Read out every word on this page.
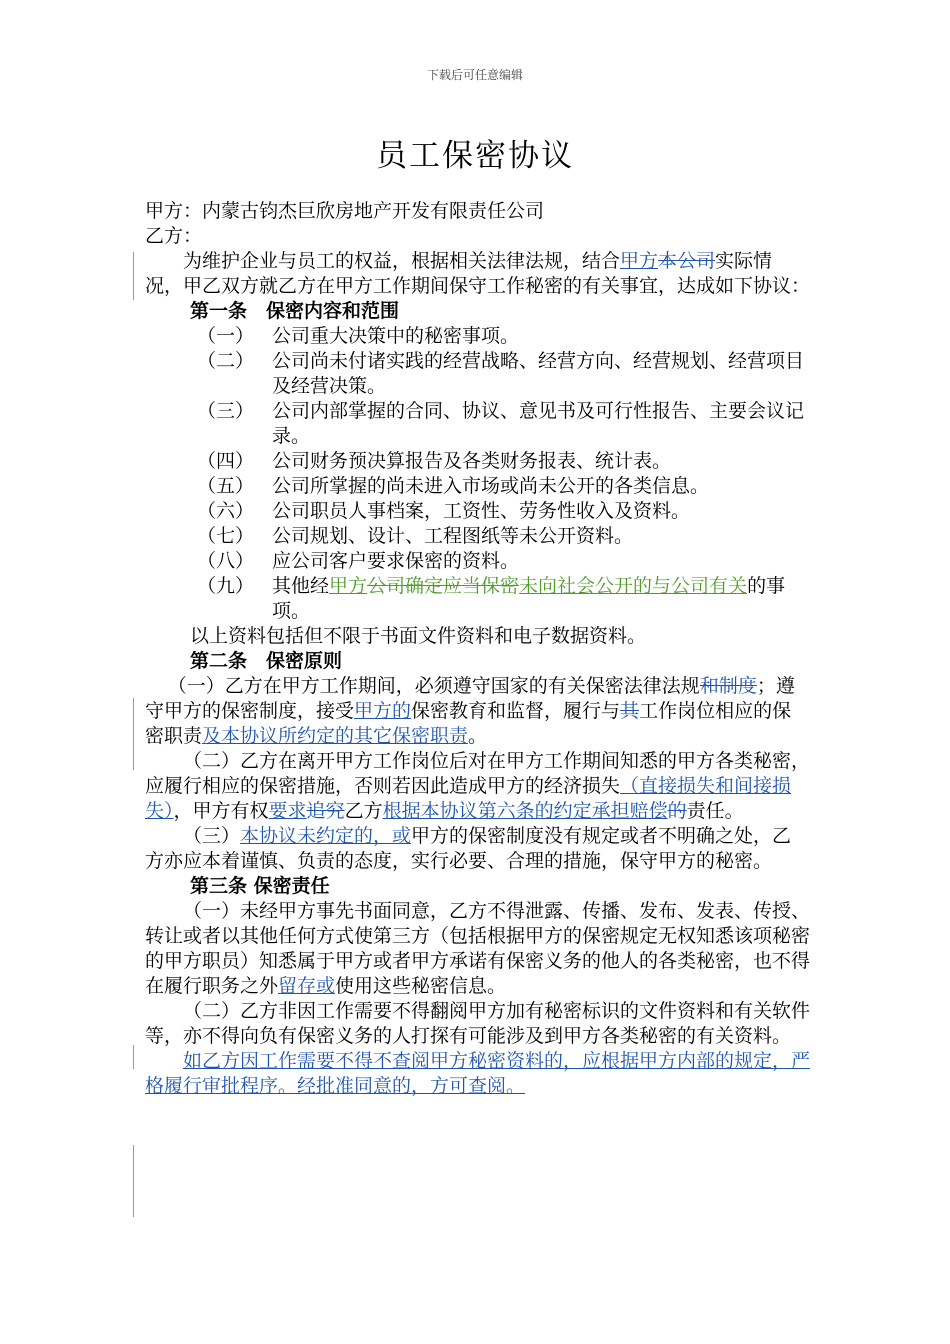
下载后可任意编辑
员工保密协议

甲方：内蒙古钧杰巨欣房地产开发有限责任公司

乙方：

为维护企业与员工的权益，根据相关法律法规，结合甲方本公司实际情况，甲乙双方就乙方在甲方工作期间保守工作秘密的有关事宜，达成如下协议：

第一条　保密内容和范围

（一） 公司重大决策中的秘密事项。
（二） 公司尚未付诸实践的经营战略、经营方向、经营规划、经营项目及经营决策。
（三） 公司内部掌握的合同、协议、意见书及可行性报告、主要会议记录。
（四） 公司财务预决算报告及各类财务报表、统计表。
（五） 公司所掌握的尚未进入市场或尚未公开的各类信息。
（六） 公司职员人事档案，工资性、劳务性收入及资料。
（七） 公司规划、设计、工程图纸等未公开资料。
（八） 应公司客户要求保密的资料。
（九） 其他经甲方公司确定应当保密未向社会公开的与公司有关的事项。

以上资料包括但不限于书面文件资料和电子数据资料。

第二条　保密原则

（一）乙方在甲方工作期间，必须遵守国家的有关保密法律法规和制度；遵守甲方的保密制度，接受甲方的保密教育和监督，履行与其工作岗位相应的保密职责及本协议所约定的其它保密职责。

（二）乙方在离开甲方工作岗位后对在甲方工作期间知悉的甲方各类秘密，应履行相应的保密措施，否则若因此造成甲方的经济损失（直接损失和间接损失），甲方有权要求追究乙方根据本协议第六条的约定承担赔偿的责任。

（三）本协议未约定的，或甲方的保密制度没有规定或者不明确之处，乙方亦应本着谨慎、负责的态度，实行必要、合理的措施，保守甲方的秘密。

第三条 保密责任

（一）未经甲方事先书面同意，乙方不得泄露、传播、发布、发表、传授、转让或者以其他任何方式使第三方（包括根据甲方的保密规定无权知悉该项秘密的甲方职员）知悉属于甲方或者甲方承诺有保密义务的他人的各类秘密，也不得在履行职务之外留存或使用这些秘密信息。

（二）乙方非因工作需要不得翻阅甲方加有秘密标识的文件资料和有关软件等，亦不得向负有保密义务的人打探有可能涉及到甲方各类秘密的有关资料。

如乙方因工作需要不得不查阅甲方秘密资料的，应根据甲方内部的规定，严格履行审批程序。经批准同意的，方可查阅。
